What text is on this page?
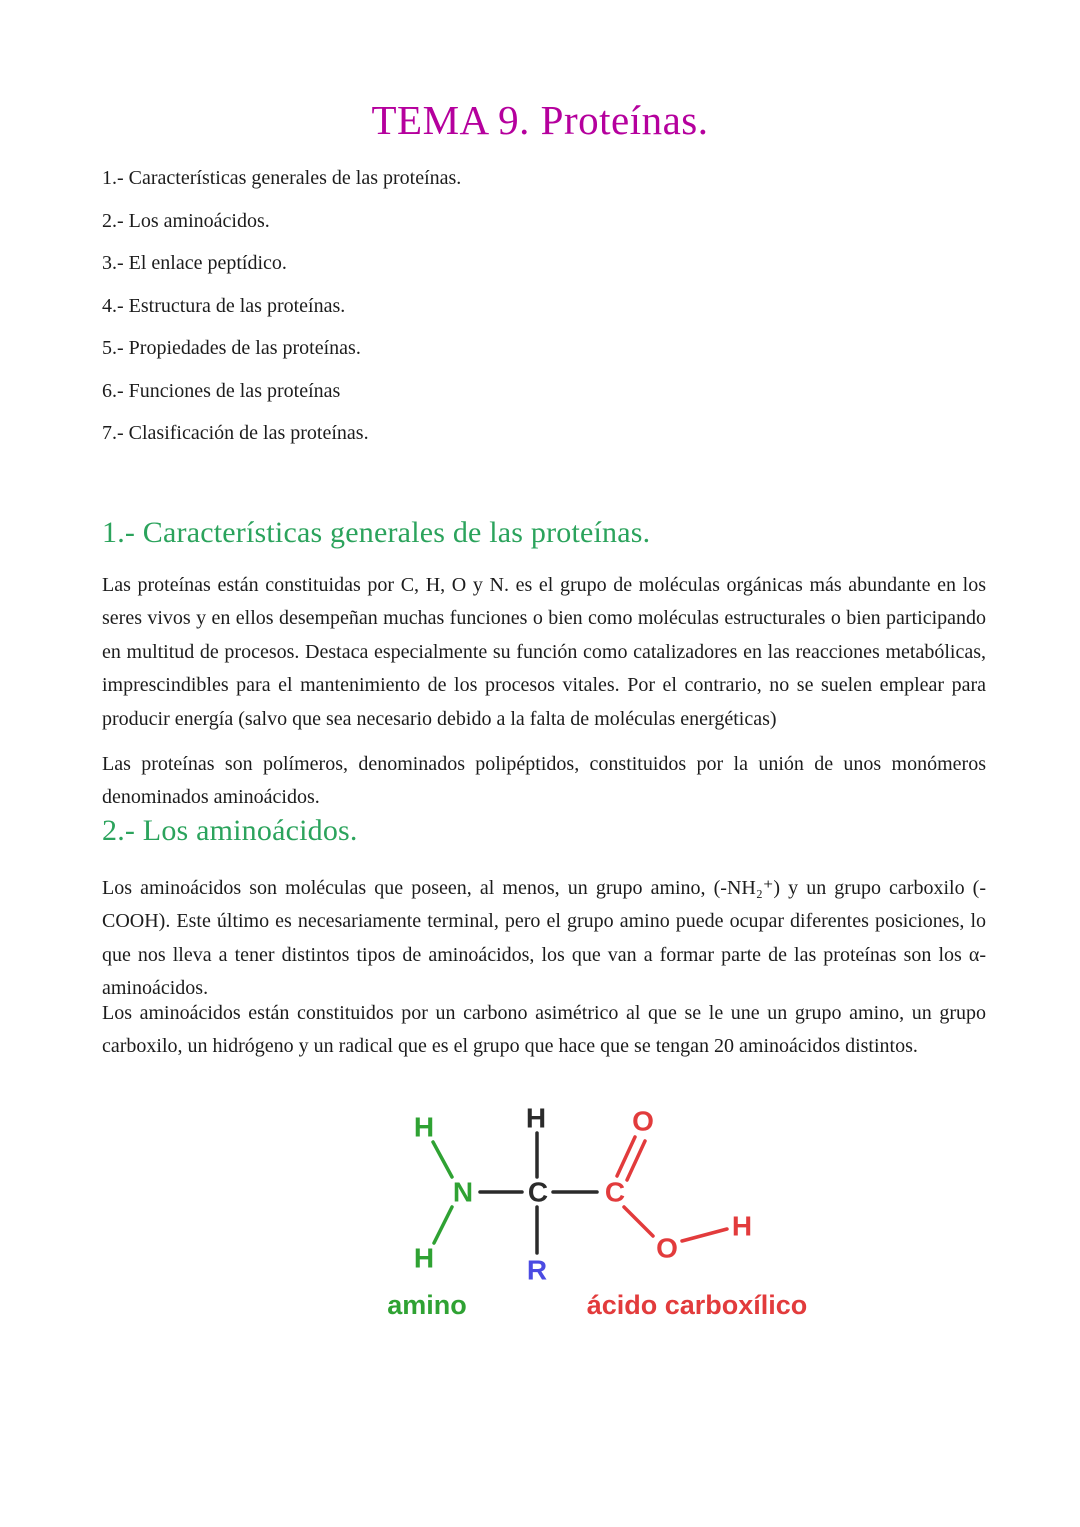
TEMA 9. Proteínas.
1.- Características generales de las proteínas.
2.- Los aminoácidos.
3.- El enlace peptídico.
4.- Estructura de las proteínas.
5.- Propiedades de las proteínas.
6.- Funciones de las proteínas
7.- Clasificación de las proteínas.
1.- Características generales de las proteínas.

Las proteínas están constituidas por C, H, O y N. es el grupo de moléculas orgánicas más abundante en los seres vivos y en ellos desempeñan muchas funciones o bien como moléculas estructurales o bien participando en multitud de procesos. Destaca especialmente su función como catalizadores en las reacciones metabólicas, imprescindibles para el mantenimiento de los procesos vitales. Por el contrario, no se suelen emplear para producir energía (salvo que sea necesario debido a la falta de moléculas energéticas)

Las proteínas son polímeros, denominados polipéptidos, constituidos por la unión de unos monómeros denominados aminoácidos.

2.- Los aminoácidos.

Los aminoácidos son moléculas que poseen, al menos, un grupo amino, (-NH₂⁺) y un grupo carboxilo (-COOH). Este último es necesariamente terminal, pero el grupo amino puede ocupar diferentes posiciones, lo que nos lleva a tener distintos tipos de aminoácidos, los que van a formar parte de las proteínas son los α-aminoácidos.

Los aminoácidos están constituidos por un carbono asimétrico al que se le une un grupo amino, un grupo carboxilo, un hidrógeno y un radical que es el grupo que hace que se tengan 20 aminoácidos distintos.

H	H	O
N C C
H	R
O
H
amino	ácido carboxílico
